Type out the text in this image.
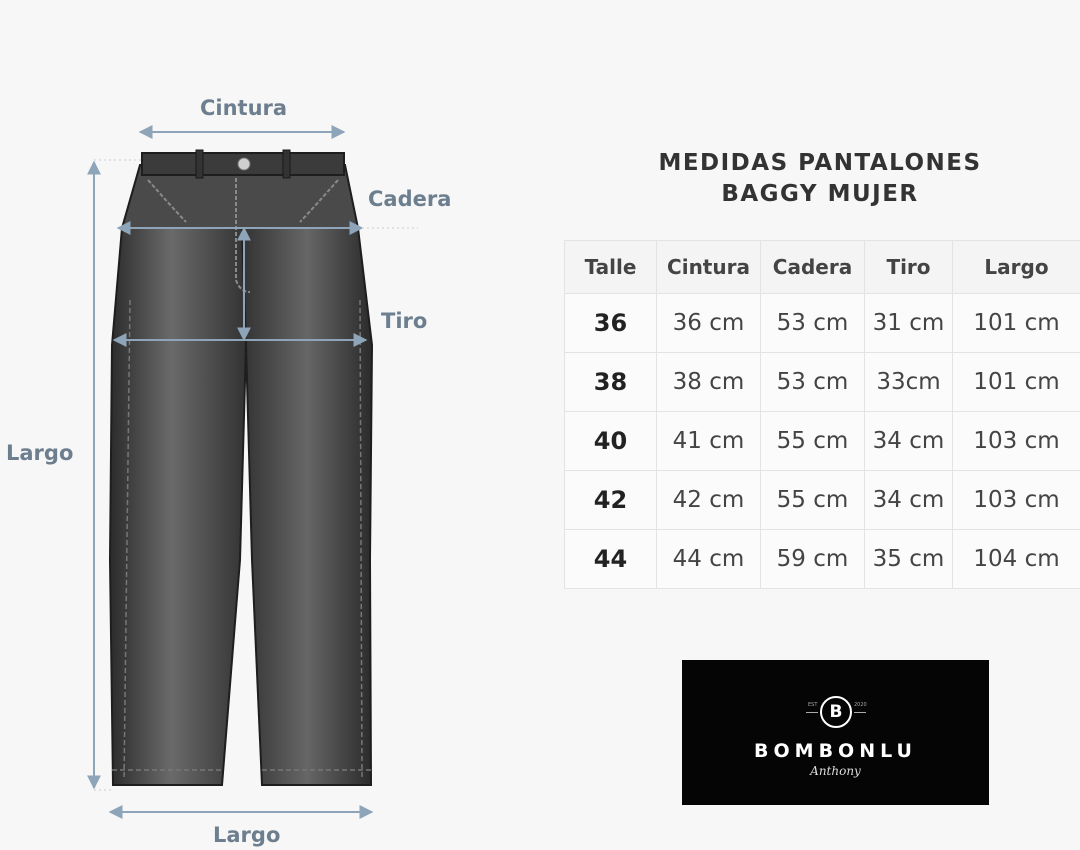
Cintura
Cadera
Tiro
Largo
Largo
MEDIDAS PANTALONES
BAGGY MUJER
Talle	Cintura	Cadera	Tiro	Largo
36	36 cm	53 cm	31 cm	101 cm
38	38 cm	53 cm	33cm	101 cm
40	41 cm	55 cm	34 cm	103 cm
42	42 cm	55 cm	34 cm	103 cm
44	44 cm	59 cm	35 cm	104 cm
EST B	2020
BOMBONLU
Anthony
